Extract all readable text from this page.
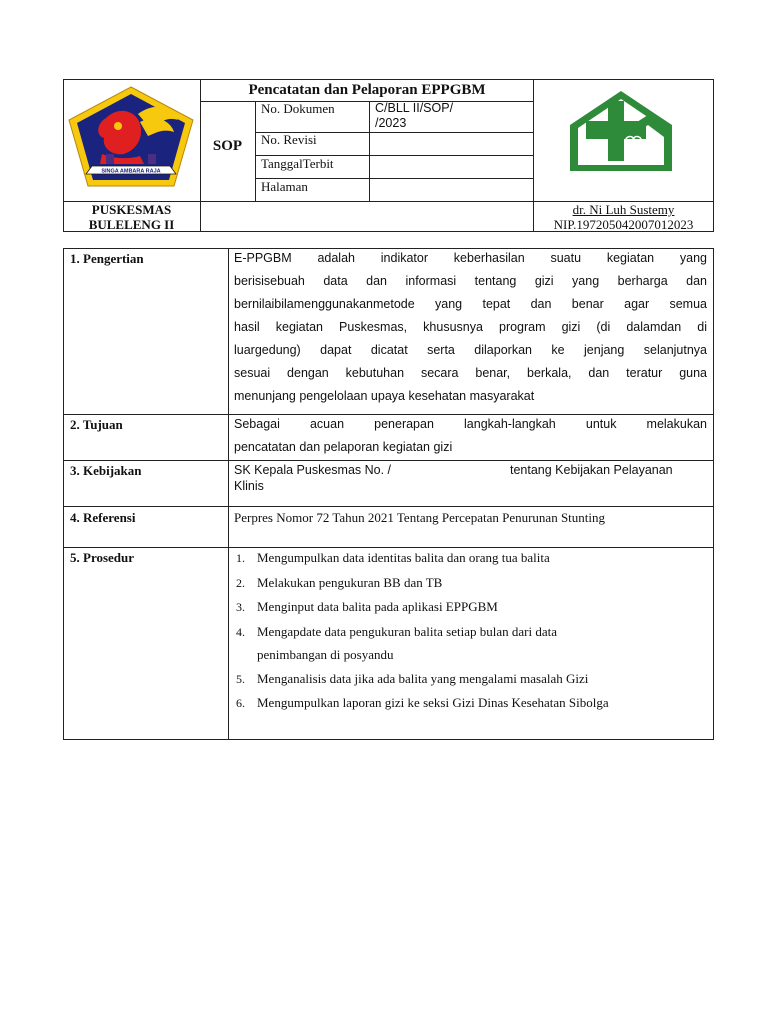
SINGA AMBARA RAJA
Pencatatan dan Pelaporan EPPGBM
SOP
No. Dokumen
No. Revisi
TanggalTerbit
Halaman
C/BLL II/SOP/
/2023
PUSKESMAS
BULELENG II
dr. Ni Luh Sustemy
NIP.197205042007012023
1. Pengertian
2. Tujuan
3. Kebijakan
4. Referensi
5. Prosedur
E-PPGBM adalah indikator keberhasilan suatu kegiatan yang
berisisebuah data dan informasi tentang gizi yang berharga dan
bernilaibilamenggunakanmetode yang tepat dan benar agar semua
hasil kegiatan Puskesmas, khususnya program gizi (di dalamdan di
luargedung) dapat dicatat serta dilaporkan ke jenjang selanjutnya
sesuai dengan kebutuhan secara benar, berkala, dan teratur guna
menunjang pengelolaan upaya kesehatan masyarakat
Sebagai acuan penerapan langkah-langkah untuk melakukan
pencatatan dan pelaporan kegiatan gizi
SK Kepala Puskesmas No. /	tentang Kebijakan Pelayanan
Klinis
Perpres Nomor 72 Tahun 2021 Tentang Percepatan Penurunan Stunting
1. Mengumpulkan data identitas balita dan orang tua balita
2. Melakukan pengukuran BB dan TB
3. Menginput data balita pada aplikasi EPPGBM
4. Mengapdate data pengukuran balita setiap bulan dari data
penimbangan di posyandu
5. Menganalisis data jika ada balita yang mengalami masalah Gizi
6. Mengumpulkan laporan gizi ke seksi Gizi Dinas Kesehatan Sibolga
